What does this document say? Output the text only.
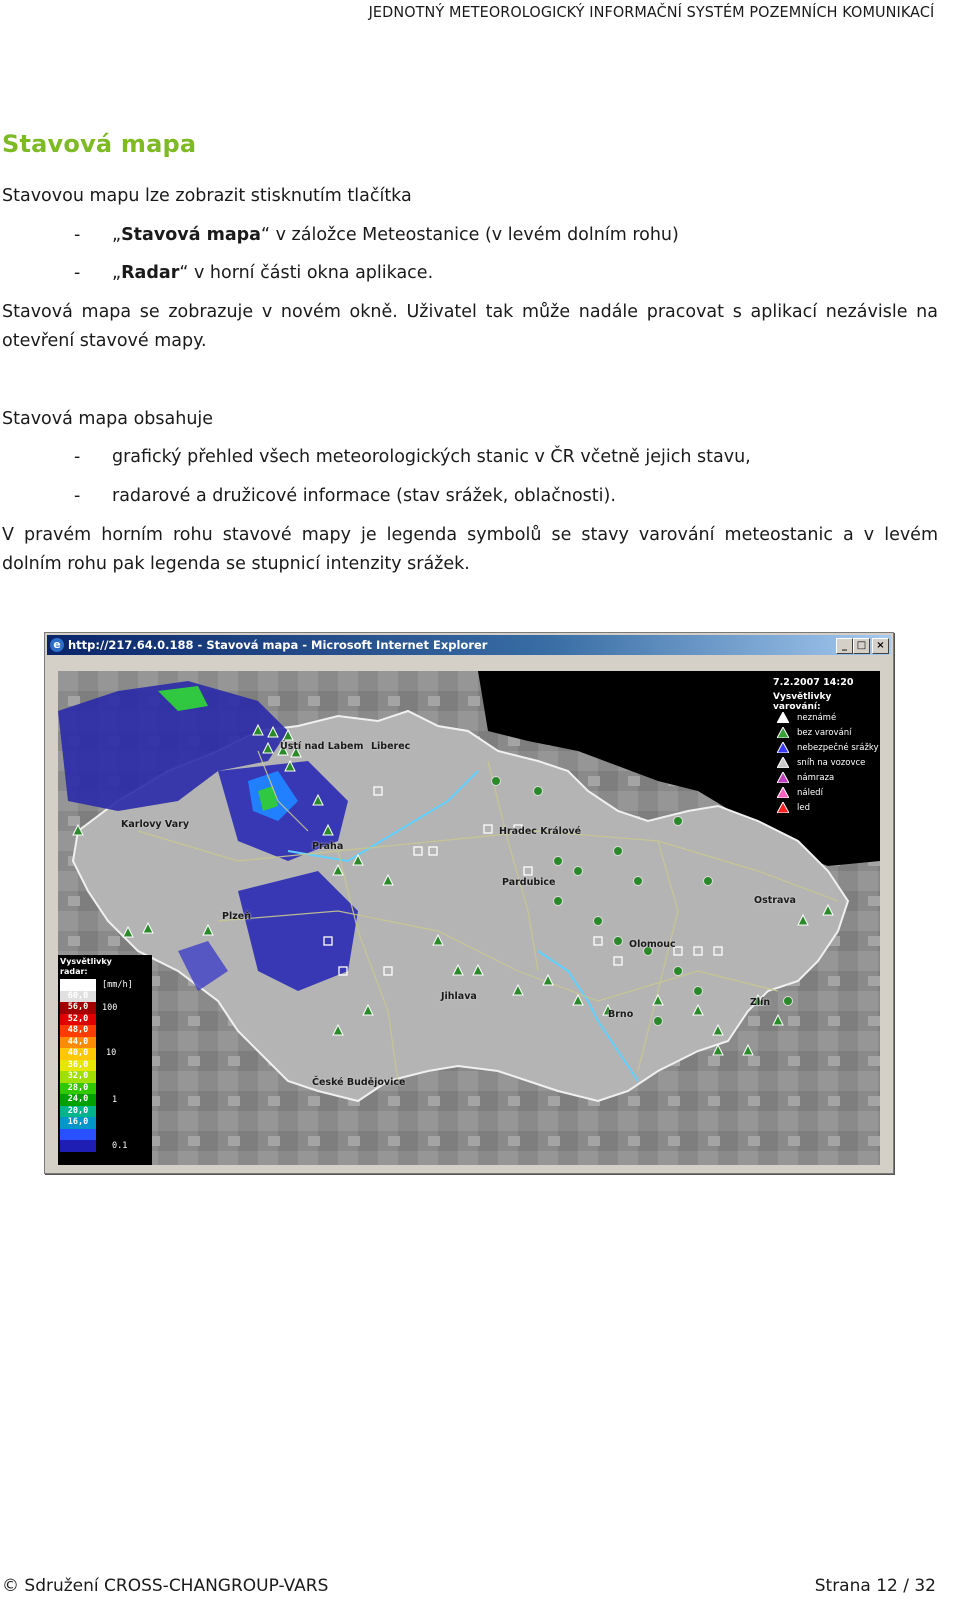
JEDNOTNÝ METEOROLOGICKÝ INFORMAČNÍ SYSTÉM POZEMNÍCH KOMUNIKACÍ
Stavová mapa

Stavovou mapu lze zobrazit stisknutím tlačítka

- „Stavová mapa“ v záložce Meteostanice (v levém dolním rohu)
- „Radar“ v horní části okna aplikace.

Stavová mapa se zobrazuje v novém okně. Uživatel tak může nadále pracovat s aplikací nezávisle na
otevření stavové mapy.

Stavová mapa obsahuje

- grafický přehled všech meteorologických stanic v ČR včetně jejich stavu,
- radarové a družicové informace (stav srážek, oblačnosti).

V pravém horním rohu stavové mapy je legenda symbolů se stavy varování meteostanic a v levém
dolním rohu pak legenda se stupnicí intenzity srážek.

e http://217.64.0.188 - Stavová mapa - Microsoft Internet Explorer	_ □	×
Ústí nad Labem Liberec
Karlovy Vary
Praha
Hradec Králové
Pardubice
Plzeň
Ostrava
Olomouc
Jihlava
Zlín
Brno
České Budějovice
7.2.2007 14:20
Vysvětlivky varování:
neznámé
bez varování
nebezpečné srážky
sníh na vozovce
námraza
náledí
led
Vysvětlivky
radar:
60,0
56,0
52,0
48,0
44,0
40,0
36,0
32,0
28,0
24,0
20,0
16,0
[mm/h]
100
10
1
0.1
© Sdružení CROSS-CHANGROUP-VARS	Strana 12 / 32
